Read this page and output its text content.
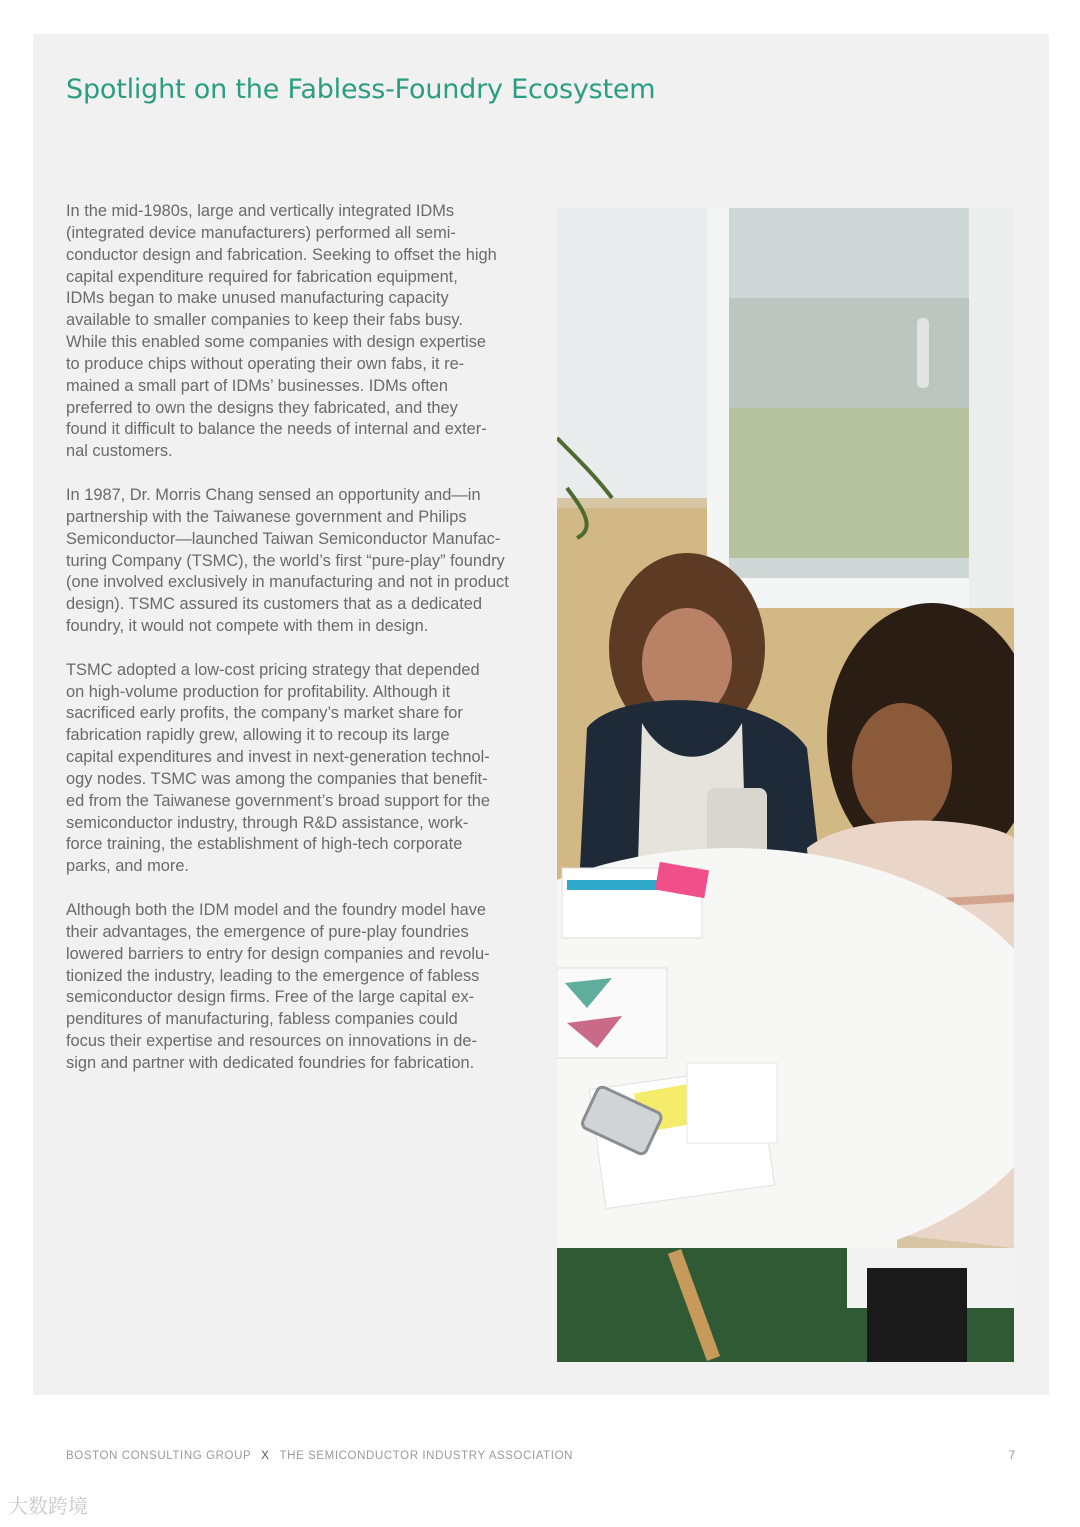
Spotlight on the Fabless-Foundry Ecosystem

In the mid-1980s, large and vertically integrated IDMs
(integrated device manufacturers) performed all semi-
conductor design and fabrication. Seeking to offset the high
capital expenditure required for fabrication equipment,
IDMs began to make unused manufacturing capacity
available to smaller companies to keep their fabs busy.
While this enabled some companies with design expertise
to produce chips without operating their own fabs, it re-
mained a small part of IDMs’ businesses. IDMs often
preferred to own the designs they fabricated, and they
found it difficult to balance the needs of internal and exter-
nal customers.

In 1987, Dr. Morris Chang sensed an opportunity and—in
partnership with the Taiwanese government and Philips
Semiconductor—launched Taiwan Semiconductor Manufac-
turing Company (TSMC), the world’s first “pure-play” foundry
(one involved exclusively in manufacturing and not in product
design). TSMC assured its customers that as a dedicated
foundry, it would not compete with them in design.

TSMC adopted a low-cost pricing strategy that depended
on high-volume production for profitability. Although it
sacrificed early profits, the company’s market share for
fabrication rapidly grew, allowing it to recoup its large
capital expenditures and invest in next-generation technol-
ogy nodes. TSMC was among the companies that benefit-
ed from the Taiwanese government’s broad support for the
semiconductor industry, through R&D assistance, work-
force training, the establishment of high-tech corporate
parks, and more.

Although both the IDM model and the foundry model have
their advantages, the emergence of pure-play foundries
lowered barriers to entry for design companies and revolu-
tionized the industry, leading to the emergence of fabless
semiconductor design firms. Free of the large capital ex-
penditures of manufacturing, fabless companies could
focus their expertise and resources on innovations in de-
sign and partner with dedicated foundries for fabrication.

BOSTON CONSULTING GROUP X THE SEMICONDUCTOR INDUSTRY ASSOCIATION	7
大数跨境
